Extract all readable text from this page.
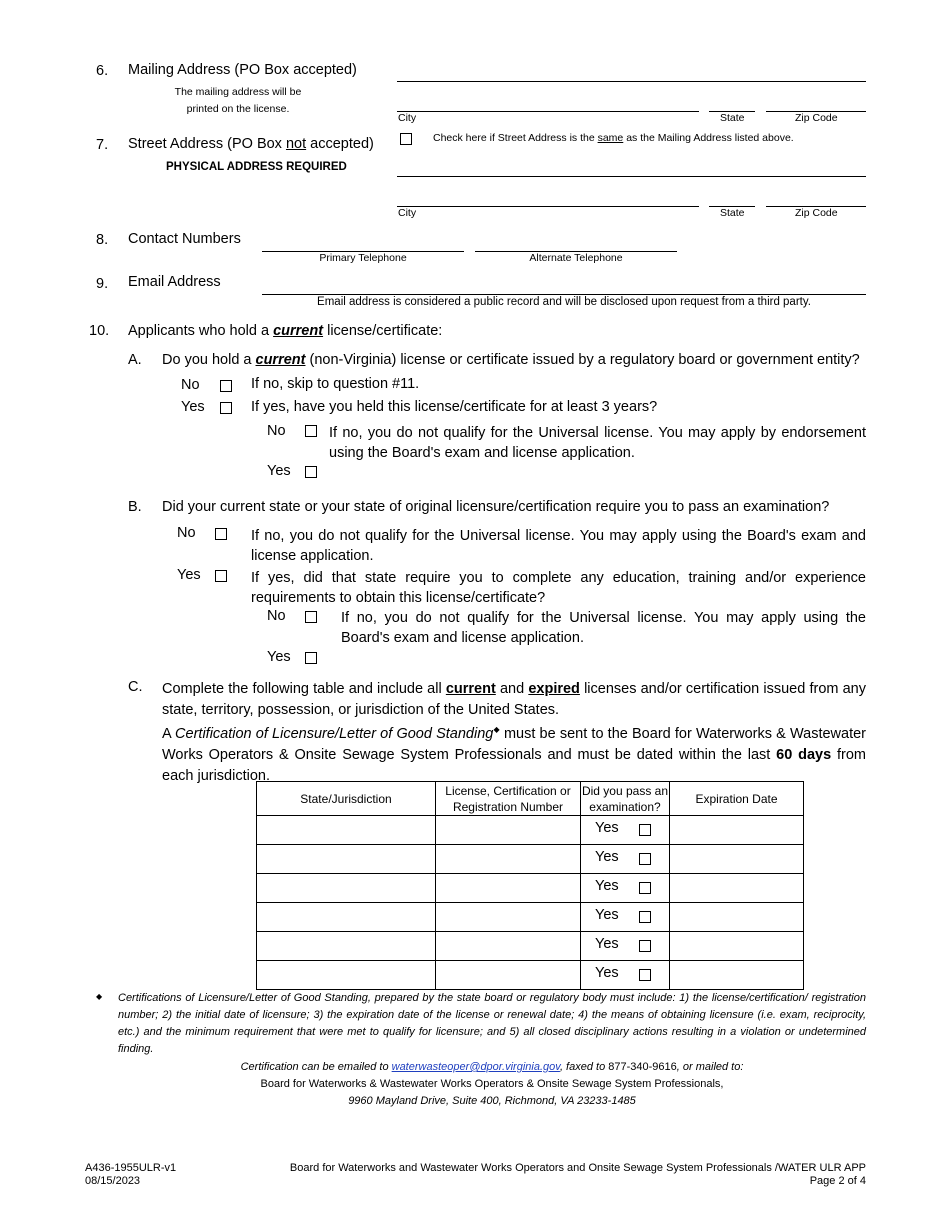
6. Mailing Address (PO Box accepted)
The mailing address will be
printed on the license.
City	State	Zip Code
7. Street Address (PO Box not accepted)
PHYSICAL ADDRESS REQUIRED
Check here if Street Address is the same as the Mailing Address listed above.
City	State	Zip Code
8. Contact Numbers
Primary Telephone	Alternate Telephone
9. Email Address
Email address is considered a public record and will be disclosed upon request from a third party.
10. Applicants who hold a current license/certificate:
A. Do you hold a current (non-Virginia) license or certificate issued by a regulatory board or government entity?
No	If no, skip to question #11.
Yes	If yes, have you held this license/certificate for at least 3 years?
No	If no, you do not qualify for the Universal license. You may apply by endorsement using the Board's exam and license application.
Yes
B. Did your current state or your state of original licensure/certification require you to pass an examination?
No	If no, you do not qualify for the Universal license. You may apply using the Board's exam and license application.
Yes	If yes, did that state require you to complete any education, training and/or experience requirements to obtain this license/certificate?
No	If no, you do not qualify for the Universal license. You may apply using the Board's exam and license application.
Yes
C. Complete the following table and include all current and expired licenses and/or certification issued from any state, territory, possession, or jurisdiction of the United States.
A Certification of Licensure/Letter of Good Standing◆ must be sent to the Board for Waterworks & Wastewater Works Operators & Onsite Sewage System Professionals and must be dated within the last 60 days from each jurisdiction.
State/Jurisdiction	License, Certification or Registration Number	Did you pass an examination?	Expiration Date

		Yes	

		Yes	

		Yes	

		Yes	

		Yes	

		Yes	

◆ Certifications of Licensure/Letter of Good Standing, prepared by the state board or regulatory body must include: 1) the license/certification/ registration number; 2) the initial date of licensure; 3) the expiration date of the license or renewal date; 4) the means of obtaining licensure (i.e. exam, reciprocity, etc.) and the minimum requirement that were met to qualify for licensure; and 5) all closed disciplinary actions resulting in a violation or undetermined finding.
Certification can be emailed to waterwasteoper@dpor.virginia.gov, faxed to 877-340-9616, or mailed to:
Board for Waterworks & Wastewater Works Operators & Onsite Sewage System Professionals,
9960 Mayland Drive, Suite 400, Richmond, VA 23233-1485
A436-1955ULR-v1
08/15/2023
Board for Waterworks and Wastewater Works Operators and Onsite Sewage System Professionals /WATER ULR APP
Page 2 of 4
